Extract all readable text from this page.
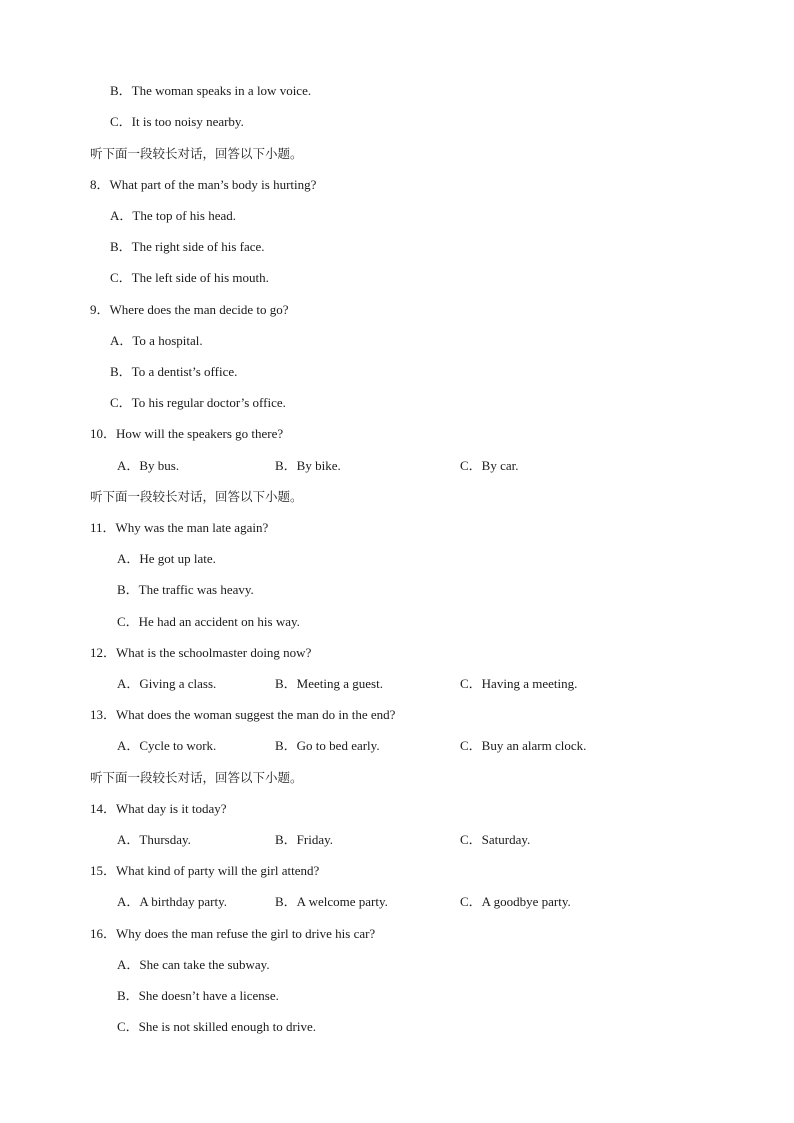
B．The woman speaks in a low voice.
C．It is too noisy nearby.
听下面一段较长对话，回答以下小题。
8．What part of the man’s body is hurting?
A．The top of his head.
B．The right side of his face.
C．The left side of his mouth.
9．Where does the man decide to go?
A．To a hospital.
B．To a dentist’s office.
C．To his regular doctor’s office.
10．How will the speakers go there?
A．By bus.	B．By bike.	C．By car.
听下面一段较长对话，回答以下小题。
11．Why was the man late again?
A．He got up late.
B．The traffic was heavy.
C．He had an accident on his way.
12．What is the schoolmaster doing now?
A．Giving a class.	B．Meeting a guest.	C．Having a meeting.
13．What does the woman suggest the man do in the end?
A．Cycle to work.	B．Go to bed early.	C．Buy an alarm clock.
听下面一段较长对话，回答以下小题。
14．What day is it today?
A．Thursday.	B．Friday.	C．Saturday.
15．What kind of party will the girl attend?
A．A birthday party.	B．A welcome party.	C．A goodbye party.
16．Why does the man refuse the girl to drive his car?
A．She can take the subway.
B．She doesn’t have a license.
C．She is not skilled enough to drive.
